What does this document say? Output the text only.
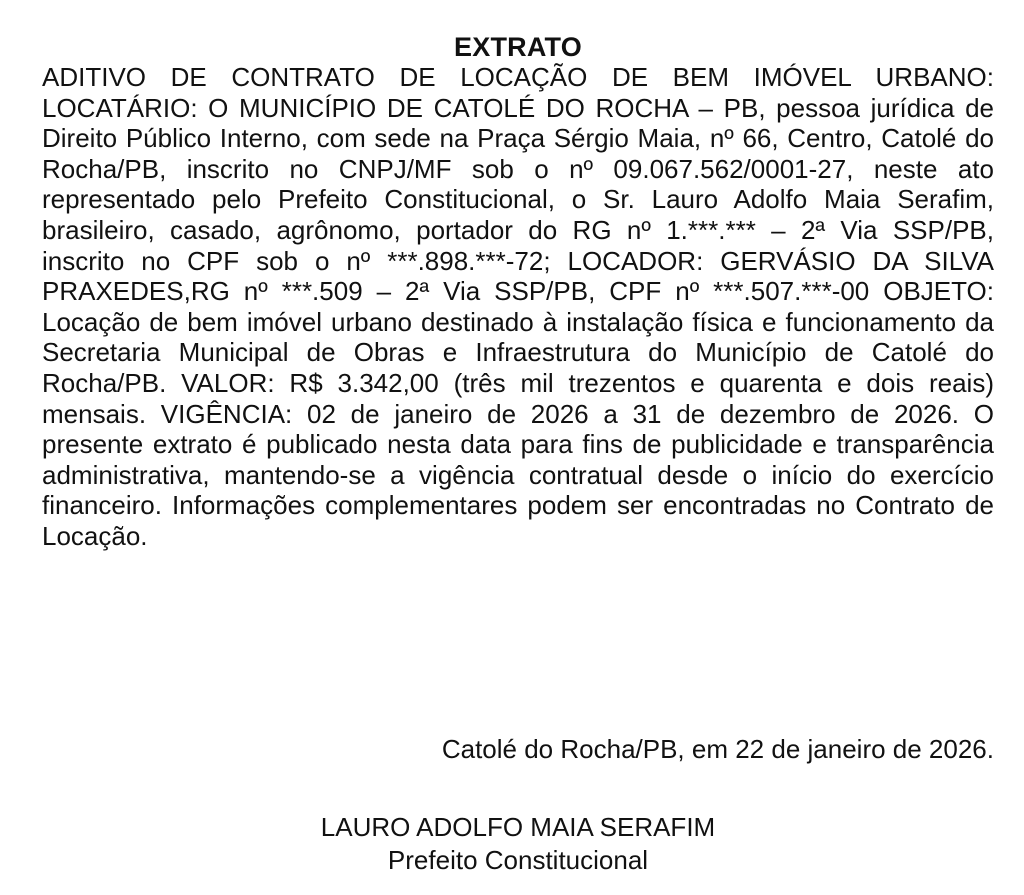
EXTRATO

ADITIVO DE CONTRATO DE LOCAÇÃO DE BEM IMÓVEL URBANO: LOCATÁRIO: O MUNICÍPIO DE CATOLÉ DO ROCHA – PB, pessoa jurídica de Direito Público Interno, com sede na Praça Sérgio Maia, nº 66, Centro, Catolé do Rocha/PB, inscrito no CNPJ/MF sob o nº 09.067.562/0001-27, neste ato representado pelo Prefeito Constitucional, o Sr. Lauro Adolfo Maia Serafim, brasileiro, casado, agrônomo, portador do RG nº 1.***.*** – 2ª Via SSP/PB, inscrito no CPF sob o nº ***.898.***-72; LOCADOR: GERVÁSIO DA SILVA PRAXEDES,RG nº ***.509 – 2ª Via SSP/PB, CPF nº ***.507.***-00 OBJETO: Locação de bem imóvel urbano destinado à instalação física e funcionamento da Secretaria Municipal de Obras e Infraestrutura do Município de Catolé do Rocha/PB. VALOR: R$ 3.342,00 (três mil trezentos e quarenta e dois reais) mensais. VIGÊNCIA: 02 de janeiro de 2026 a 31 de dezembro de 2026. O presente extrato é publicado nesta data para fins de publicidade e transparência administrativa, mantendo-se a vigência contratual desde o início do exercício financeiro. Informações complementares podem ser encontradas no Contrato de Locação.

Catolé do Rocha/PB, em 22 de janeiro de 2026.

LAURO ADOLFO MAIA SERAFIM

Prefeito Constitucional
